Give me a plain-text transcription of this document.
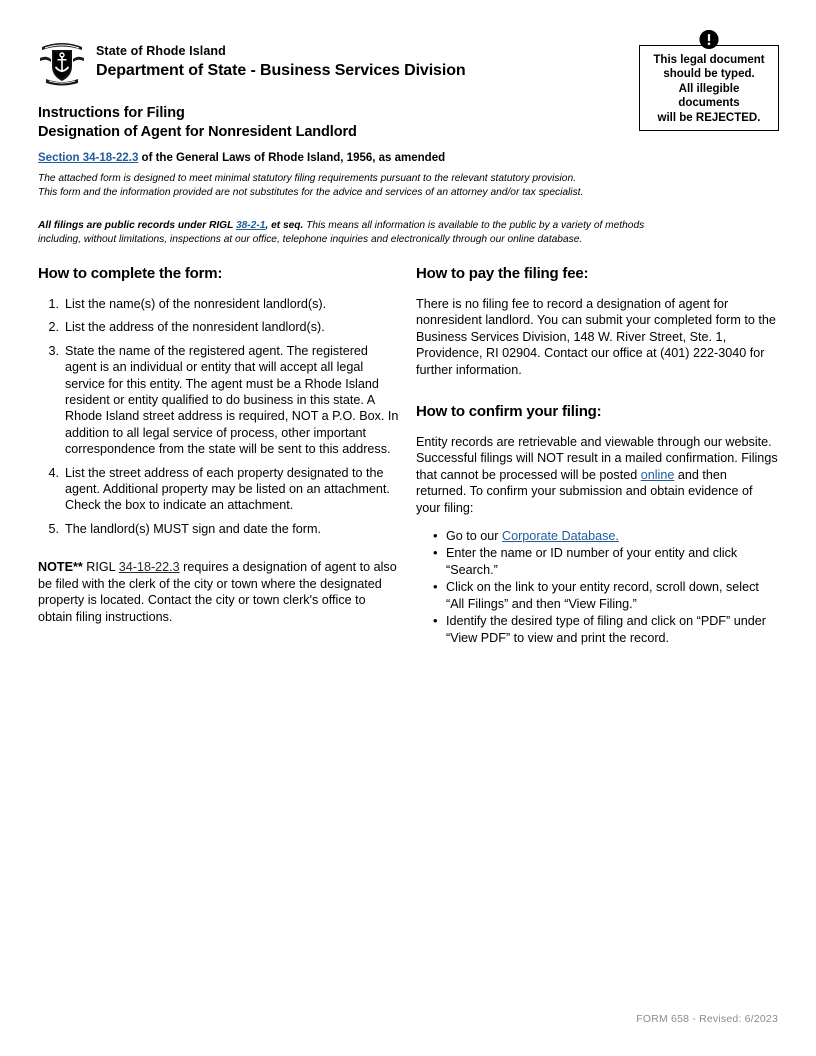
State of Rhode Island
Department of State - Business Services Division
This legal document
should be typed.
All illegible
documents
will be REJECTED.
Instructions for Filing
Designation of Agent for Nonresident Landlord
Section 34-18-22.3 of the General Laws of Rhode Island, 1956, as amended
The attached form is designed to meet minimal statutory filing requirements pursuant to the relevant statutory provision.
This form and the information provided are not substitutes for the advice and services of an attorney and/or tax specialist.
All filings are public records under RIGL 38-2-1, et seq. This means all information is available to the public by a variety of methods including, without limitations, inspections at our office, telephone inquiries and electronically through our online database.
How to complete the form:
1. List the name(s) of the nonresident landlord(s).
2. List the address of the nonresident landlord(s).
3. State the name of the registered agent. The registered agent is an individual or entity that will accept all legal service for this entity. The agent must be a Rhode Island resident or entity qualified to do business in this state. A Rhode Island street address is required, NOT a P.O. Box. In addition to all legal service of process, other important correspondence from the state will be sent to this address.
4. List the street address of each property designated to the agent. Additional property may be listed on an attachment. Check the box to indicate an attachment.
5. The landlord(s) MUST sign and date the form.
NOTE** RIGL 34-18-22.3 requires a designation of agent to also be filed with the clerk of the city or town where the designated property is located. Contact the city or town clerk's office to obtain filing instructions.
How to pay the filing fee:

There is no filing fee to record a designation of agent for nonresident landlord. You can submit your completed form to the Business Services Division, 148 W. River Street, Ste. 1, Providence, RI 02904. Contact our office at (401) 222-3040 for further information.

How to confirm your filing:

Entity records are retrievable and viewable through our website. Successful filings will NOT result in a mailed confirmation. Filings that cannot be processed will be posted online and then returned. To confirm your submission and obtain evidence of your filing:

• Go to our Corporate Database.
• Enter the name or ID number of your entity and click “Search.”
• Click on the link to your entity record, scroll down, select “All Filings” and then “View Filing.”
• Identify the desired type of filing and click on “PDF” under “View PDF” to view and print the record.
FORM 658 - Revised: 6/2023
